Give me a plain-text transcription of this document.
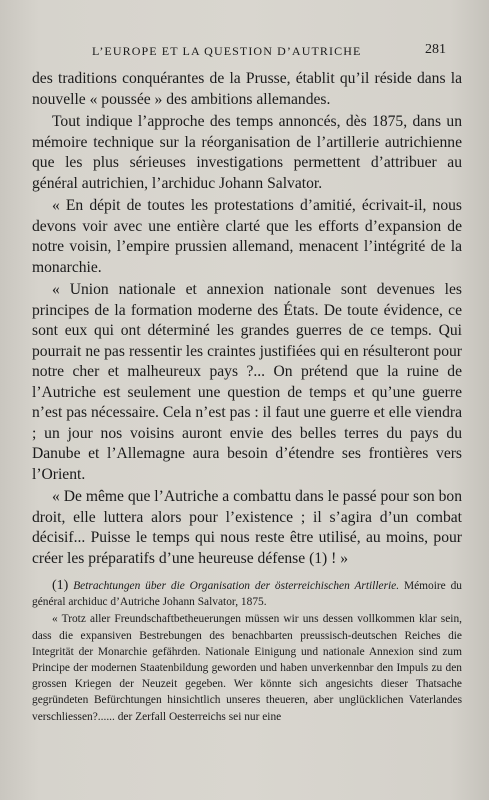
L’EUROPE ET LA QUESTION D’AUTRICHE	281

des traditions conquérantes de la Prusse, établit qu’il réside dans la nouvelle « poussée » des ambitions allemandes.

Tout indique l’approche des temps annoncés, dès 1875, dans un mémoire technique sur la réorganisation de l’artillerie autrichienne que les plus sérieuses investigations permettent d’attribuer au général autrichien, l’archiduc Johann Salvator.

« En dépit de toutes les protestations d’amitié, écrivait-il, nous devons voir avec une entière clarté que les efforts d’expansion de notre voisin, l’empire prussien allemand, menacent l’intégrité de la monarchie.

« Union nationale et annexion nationale sont devenues les principes de la formation moderne des États. De toute évidence, ce sont eux qui ont déterminé les grandes guerres de ce temps. Qui pourrait ne pas ressentir les craintes justifiées qui en résulteront pour notre cher et malheureux pays ?... On prétend que la ruine de l’Autriche est seulement une question de temps et qu’une guerre n’est pas nécessaire. Cela n’est pas : il faut une guerre et elle viendra ; un jour nos voisins auront envie des belles terres du pays du Danube et l’Allemagne aura besoin d’étendre ses frontières vers l’Orient.

« De même que l’Autriche a combattu dans le passé pour son bon droit, elle luttera alors pour l’existence ; il s’agira d’un combat décisif... Puisse le temps qui nous reste être utilisé, au moins, pour créer les préparatifs d’une heureuse défense (1) ! »

(1) Betrachtungen über die Organisation der österreichischen Artillerie. Mémoire du général archiduc d’Autriche Johann Salvator, 1875.

« Trotz aller Freundschaftbetheuerungen müssen wir uns dessen vollkommen klar sein, dass die expansiven Bestrebungen des benachbarten preussisch-deutschen Reiches die Integrität der Monarchie gefährden. Nationale Einigung und nationale Annexion sind zum Principe der modernen Staatenbildung geworden und haben unverkennbar den Impuls zu den grossen Kriegen der Neuzeit gegeben. Wer könnte sich angesichts dieser Thatsache gegründeten Befürchtungen hinsichtlich unseres theueren, aber unglücklichen Vaterlandes verschliessen?...... der Zerfall Oesterreichs sei nur eine
